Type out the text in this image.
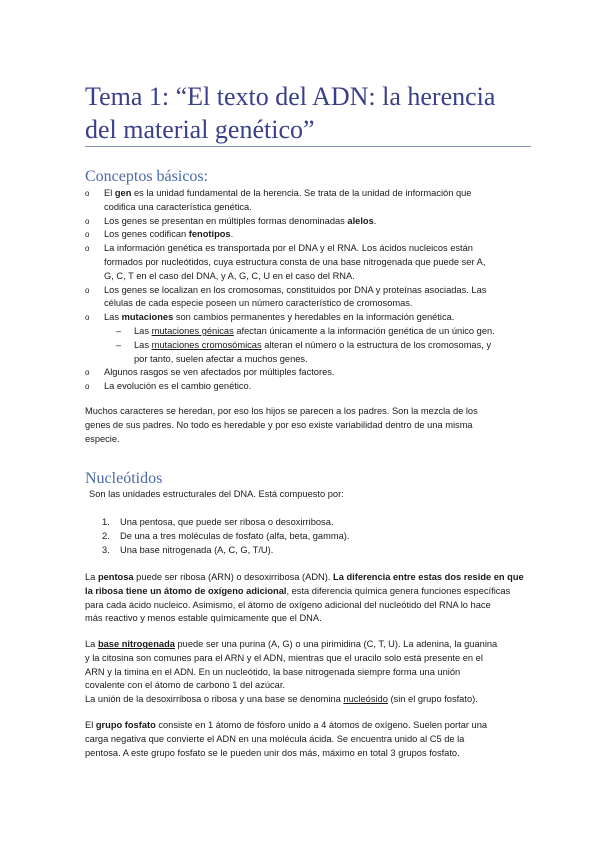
Tema 1: “El texto del ADN: la herencia
del material genético”
Conceptos básicos:
o	El gen es la unidad fundamental de la herencia. Se trata de la unidad de información que
codifica una característica genética.
o	Los genes se presentan en múltiples formas denominadas alelos.
o	Los genes codifican fenotipos.
o	La información genética es transportada por el DNA y el RNA. Los ácidos nucleicos están
formados por nucleótidos, cuya estructura consta de una base nitrogenada que puede ser A,
G, C, T en el caso del DNA, y A, G, C, U en el caso del RNA.
o	Los genes se localizan en los cromosomas, constituidos por DNA y proteínas asociadas. Las
células de cada especie poseen un número característico de cromosomas.
o	Las mutaciones son cambios permanentes y heredables en la información genética.
–	Las mutaciones génicas afectan únicamente a la información genética de un único gen.
–	Las mutaciones cromosómicas alteran el número o la estructura de los cromosomas, y
por tanto, suelen afectar a muchos genes.
o	Algunos rasgos se ven afectados por múltiples factores.
o	La evolución es el cambio genético.
Muchos caracteres se heredan, por eso los hijos se parecen a los padres. Son la mezcla de los
genes de sus padres. No todo es heredable y por eso existe variabilidad dentro de una misma
especie.
Nucleótidos
Son las unidades estructurales del DNA. Está compuesto por:
1.	Una pentosa, que puede ser ribosa o desoxirribosa.
2.	De una a tres moléculas de fosfato (alfa, beta, gamma).
3.	Una base nitrogenada (A, C, G, T/U).
La pentosa puede ser ribosa (ARN) o desoxirribosa (ADN). La diferencia entre estas dos reside en que
la ribosa tiene un átomo de oxígeno adicional, esta diferencia química genera funciones específicas
para cada ácido nucleico. Asimismo, el átomo de oxígeno adicional del nucleótido del RNA lo hace
más reactivo y menos estable químicamente que el DNA.
La base nitrogenada puede ser una purina (A, G) o una pirimidina (C, T, U). La adenina, la guanina
y la citosina son comunes para el ARN y el ADN, mientras que el uracilo solo está presente en el
ARN y la timina en el ADN. En un nucleótido, la base nitrogenada siempre forma una unión
covalente con el átomo de carbono 1 del azúcar.
La unión de la desoxirribosa o ribosa y una base se denomina nucleósido (sin el grupo fosfato).
El grupo fosfato consiste en 1 átomo de fósforo unido a 4 átomos de oxígeno. Suelen portar una
carga negativa que convierte el ADN en una molécula ácida. Se encuentra unido al C5 de la
pentosa. A este grupo fosfato se le pueden unir dos más, máximo en total 3 grupos fosfato.
